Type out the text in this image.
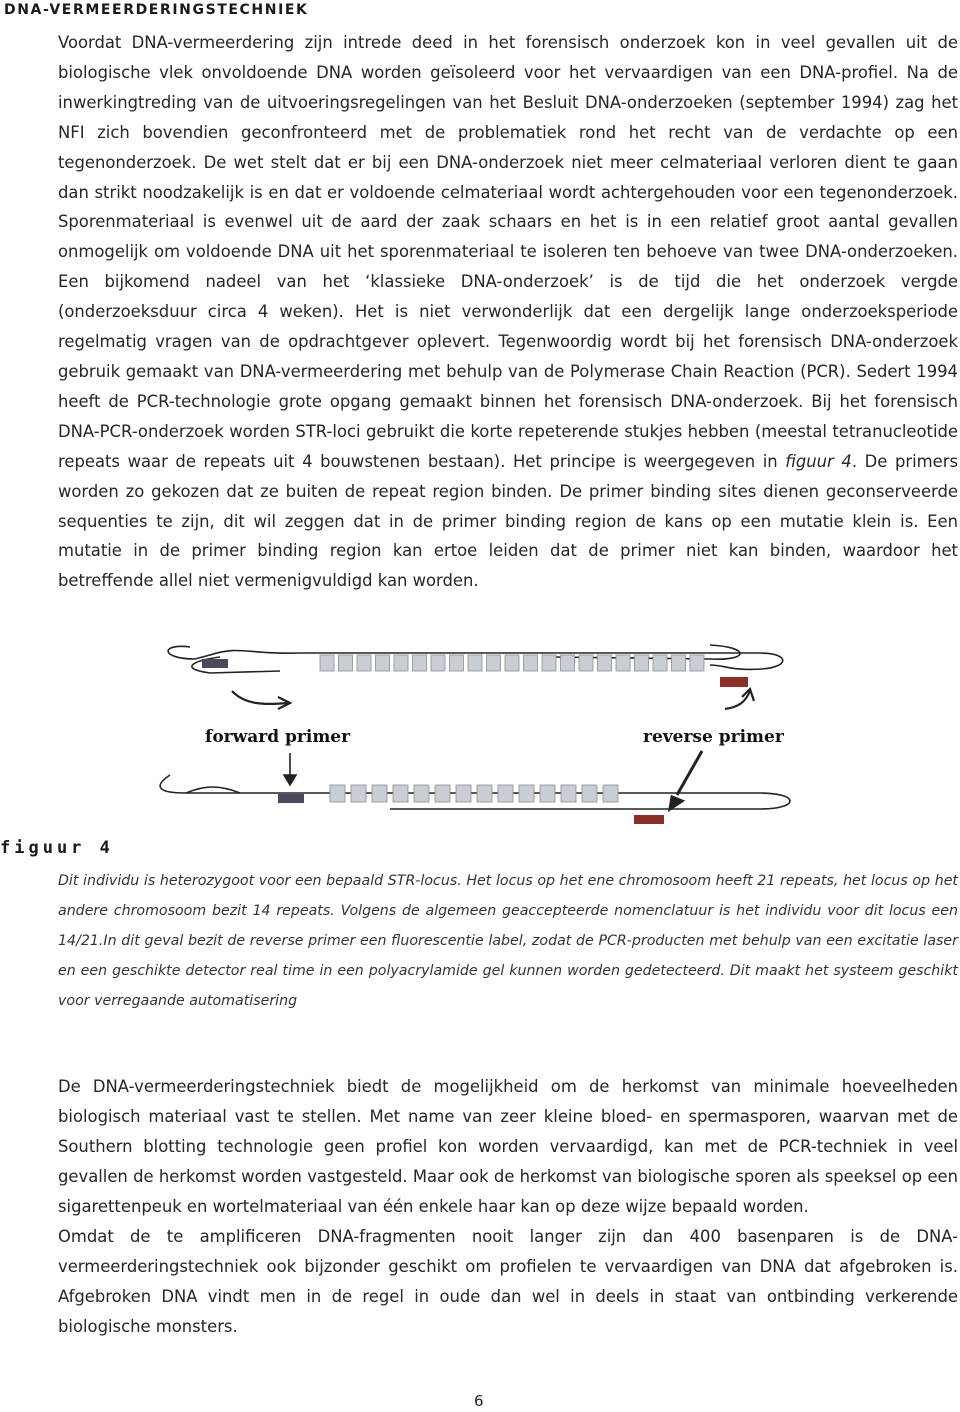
DNA-VERMEERDERINGSTECHNIEK

Voordat DNA-vermeerdering zijn intrede deed in het forensisch onderzoek kon in veel gevallen uit de biologische vlek onvoldoende DNA worden geïsoleerd voor het vervaardigen van een DNA-profiel. Na de inwerkingtreding van de uitvoeringsregelingen van het Besluit DNA-onderzoeken (september 1994) zag het NFI zich bovendien geconfronteerd met de problematiek rond het recht van de verdachte op een tegenonderzoek. De wet stelt dat er bij een DNA-onderzoek niet meer celmateriaal verloren dient te gaan dan strikt noodzakelijk is en dat er voldoende celmateriaal wordt achtergehouden voor een tegenonderzoek. Sporenmateriaal is evenwel uit de aard der zaak schaars en het is in een relatief groot aantal gevallen onmogelijk om voldoende DNA uit het sporenmateriaal te isoleren ten behoeve van twee DNA-onderzoeken. Een bijkomend nadeel van het ‘klassieke DNA-onderzoek’ is de tijd die het onderzoek vergde (onderzoeksduur circa 4 weken). Het is niet verwonderlijk dat een dergelijk lange onderzoeksperiode regelmatig vragen van de opdrachtgever oplevert. Tegenwoordig wordt bij het forensisch DNA-onderzoek gebruik gemaakt van DNA-vermeerdering met behulp van de Polymerase Chain Reaction (PCR). Sedert 1994 heeft de PCR-technologie grote opgang gemaakt binnen het forensisch DNA-onderzoek. Bij het forensisch DNA-PCR-onderzoek worden STR-loci gebruikt die korte repeterende stukjes hebben (meestal tetranucleotide repeats waar de repeats uit 4 bouwstenen bestaan). Het principe is weergegeven in figuur 4. De primers worden zo gekozen dat ze buiten de repeat region binden. De primer binding sites dienen geconserveerde sequenties te zijn, dit wil zeggen dat in de primer binding region de kans op een mutatie klein is. Een mutatie in de primer binding region kan ertoe leiden dat de primer niet kan binden, waardoor het betreffende allel niet vermenigvuldigd kan worden.

forward primer	reverse primer

figuur 4

Dit individu is heterozygoot voor een bepaald STR-locus. Het locus op het ene chromosoom heeft 21 repeats, het locus op het andere chromosoom bezit 14 repeats. Volgens de algemeen geaccepteerde nomenclatuur is het individu voor dit locus een 14/21.In dit geval bezit de reverse primer een fluorescentie label, zodat de PCR-producten met behulp van een excitatie laser en een geschikte detector real time in een polyacrylamide gel kunnen worden gedetecteerd. Dit maakt het systeem geschikt voor verregaande automatisering

De DNA-vermeerderingstechniek biedt de mogelijkheid om de herkomst van minimale hoeveelheden biologisch materiaal vast te stellen. Met name van zeer kleine bloed- en spermasporen, waarvan met de Southern blotting technologie geen profiel kon worden vervaardigd, kan met de PCR-techniek in veel gevallen de herkomst worden vastgesteld. Maar ook de herkomst van biologische sporen als speeksel op een sigarettenpeuk en wortelmateriaal van één enkele haar kan op deze wijze bepaald worden.

Omdat de te amplificeren DNA-fragmenten nooit langer zijn dan 400 basenparen is de DNA-vermeerderingstechniek ook bijzonder geschikt om profielen te vervaardigen van DNA dat afgebroken is. Afgebroken DNA vindt men in de regel in oude dan wel in deels in staat van ontbinding verkerende biologische monsters.

6
